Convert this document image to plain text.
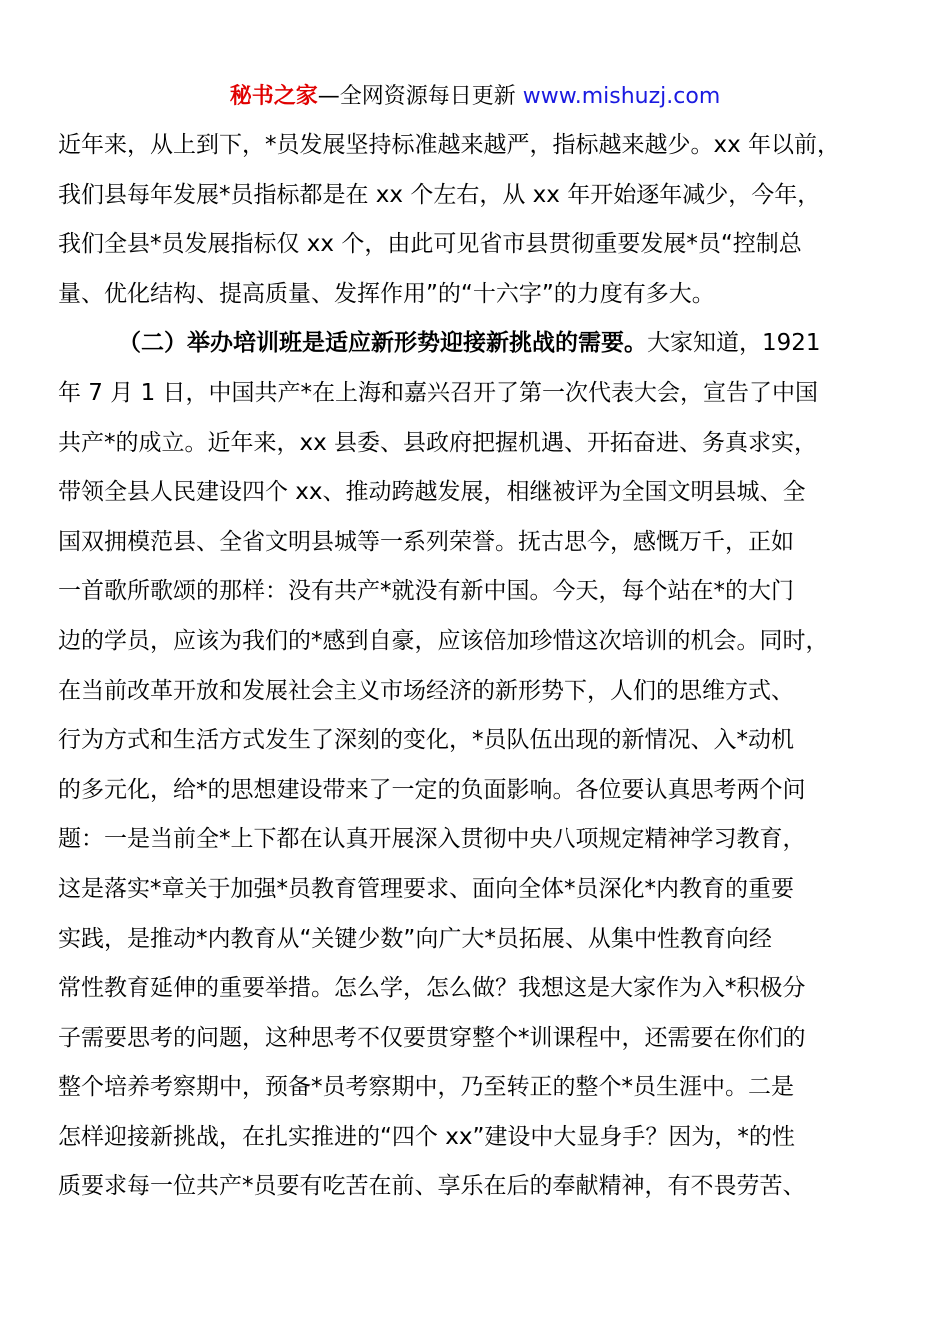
秘书之家—全网资源每日更新 www.mishuzj.com
近年来，从上到下，*员发展坚持标准越来越严，指标越来越少。xx 年以前，
我们县每年发展*员指标都是在 xx 个左右，从 xx 年开始逐年减少，今年，
我们全县*员发展指标仅 xx 个，由此可见省市县贯彻重要发展*员“控制总
量、优化结构、提高质量、发挥作用”的“十六字”的力度有多大。
（二）举办培训班是适应新形势迎接新挑战的需要。大家知道，1921
年 7 月 1 日，中国共产*在上海和嘉兴召开了第一次代表大会，宣告了中国
共产*的成立。近年来，xx 县委、县政府把握机遇、开拓奋进、务真求实，
带领全县人民建设四个 xx、推动跨越发展，相继被评为全国文明县城、全
国双拥模范县、全省文明县城等一系列荣誉。抚古思今，感慨万千，正如
一首歌所歌颂的那样：没有共产*就没有新中国。今天，每个站在*的大门
边的学员，应该为我们的*感到自豪，应该倍加珍惜这次培训的机会。同时，
在当前改革开放和发展社会主义市场经济的新形势下，人们的思维方式、
行为方式和生活方式发生了深刻的变化，*员队伍出现的新情况、入*动机
的多元化，给*的思想建设带来了一定的负面影响。各位要认真思考两个问
题：一是当前全*上下都在认真开展深入贯彻中央八项规定精神学习教育，
这是落实*章关于加强*员教育管理要求、面向全体*员深化*内教育的重要
实践，是推动*内教育从“关键少数”向广大*员拓展、从集中性教育向经
常性教育延伸的重要举措。怎么学，怎么做？我想这是大家作为入*积极分
子需要思考的问题，这种思考不仅要贯穿整个*训课程中，还需要在你们的
整个培养考察期中，预备*员考察期中，乃至转正的整个*员生涯中。二是
怎样迎接新挑战，在扎实推进的“四个 xx”建设中大显身手？因为，*的性
质要求每一位共产*员要有吃苦在前、享乐在后的奉献精神，有不畏劳苦、
